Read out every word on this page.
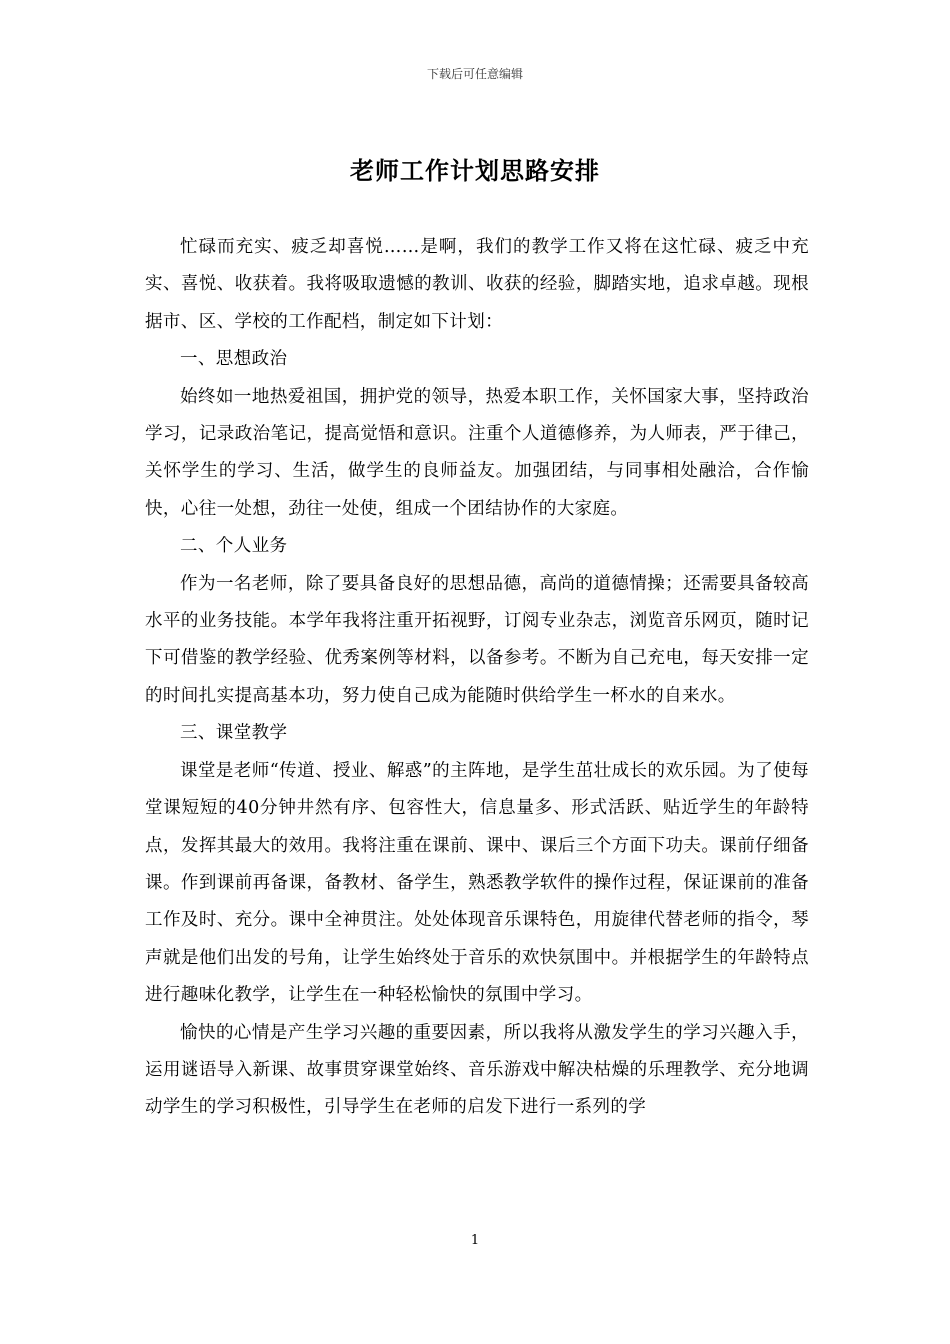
下载后可任意编辑
老师工作计划思路安排

忙碌而充实、疲乏却喜悦……是啊，我们的教学工作又将在这忙碌、疲乏中充实、喜悦、收获着。我将吸取遗憾的教训、收获的经验，脚踏实地，追求卓越。现根据市、区、学校的工作配档，制定如下计划：

一、思想政治

始终如一地热爱祖国，拥护党的领导，热爱本职工作，关怀国家大事，坚持政治学习，记录政治笔记，提高觉悟和意识。注重个人道德修养，为人师表，严于律己，关怀学生的学习、生活，做学生的良师益友。加强团结，与同事相处融洽，合作愉快，心往一处想，劲往一处使，组成一个团结协作的大家庭。

二、个人业务

作为一名老师，除了要具备良好的思想品德，高尚的道德情操；还需要具备较高水平的业务技能。本学年我将注重开拓视野，订阅专业杂志，浏览音乐网页，随时记下可借鉴的教学经验、优秀案例等材料，以备参考。不断为自己充电，每天安排一定的时间扎实提高基本功，努力使自己成为能随时供给学生一杯水的自来水。

三、课堂教学

课堂是老师“传道、授业、解惑”的主阵地，是学生茁壮成长的欢乐园。为了使每堂课短短的40分钟井然有序、包容性大，信息量多、形式活跃、贴近学生的年龄特点，发挥其最大的效用。我将注重在课前、课中、课后三个方面下功夫。课前仔细备课。作到课前再备课，备教材、备学生，熟悉教学软件的操作过程，保证课前的准备工作及时、充分。课中全神贯注。处处体现音乐课特色，用旋律代替老师的指令，琴声就是他们出发的号角，让学生始终处于音乐的欢快氛围中。并根据学生的年龄特点进行趣味化教学，让学生在一种轻松愉快的氛围中学习。

愉快的心情是产生学习兴趣的重要因素，所以我将从激发学生的学习兴趣入手，运用谜语导入新课、故事贯穿课堂始终、音乐游戏中解决枯燥的乐理教学、充分地调动学生的学习积极性，引导学生在老师的启发下进行一系列的学

1
